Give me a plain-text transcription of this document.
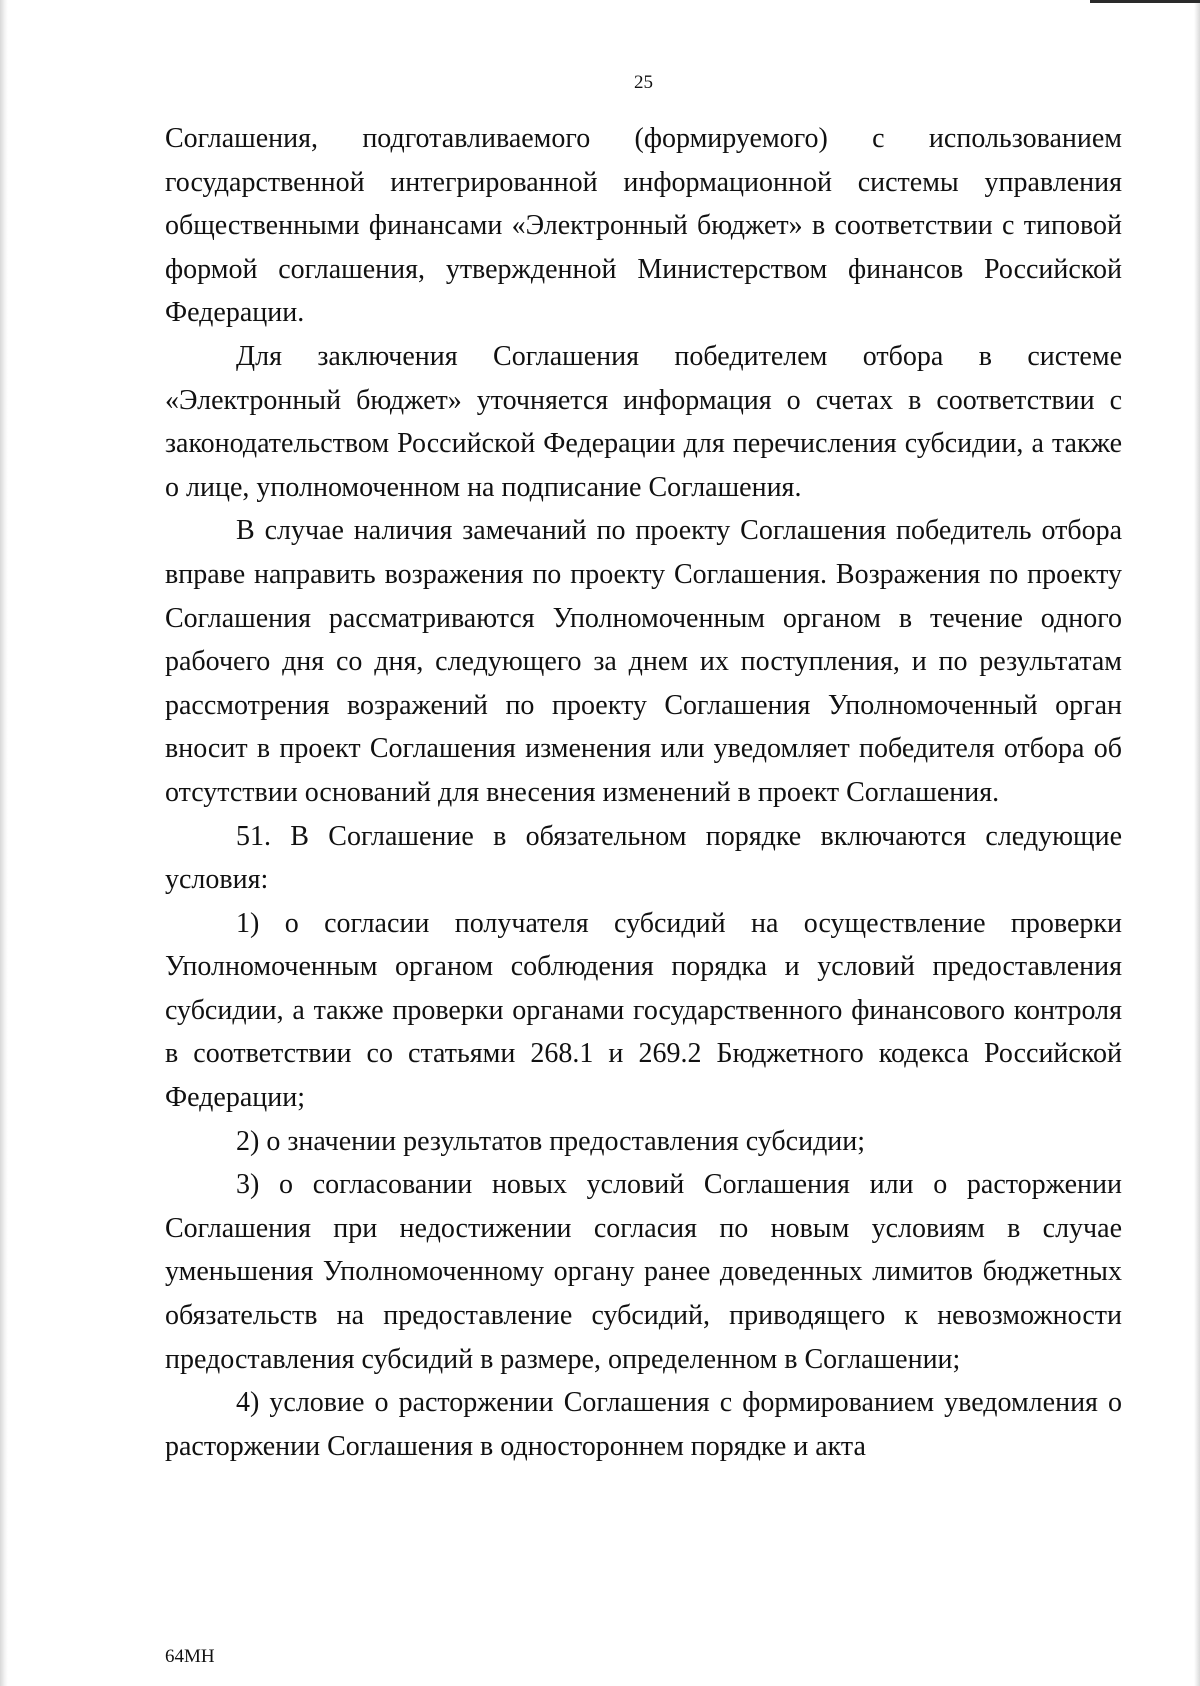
25

Соглашения, подготавливаемого (формируемого) с использованием государственной интегрированной информационной системы управления общественными финансами «Электронный бюджет» в соответствии с типовой формой соглашения, утвержденной Министерством финансов Российской Федерации.

Для заключения Соглашения победителем отбора в системе «Электронный бюджет» уточняется информация о счетах в соответствии с законодательством Российской Федерации для перечисления субсидии, а также о лице, уполномоченном на подписание Соглашения.

В случае наличия замечаний по проекту Соглашения победитель отбора вправе направить возражения по проекту Соглашения. Возражения по проекту Соглашения рассматриваются Уполномоченным органом в течение одного рабочего дня со дня, следующего за днем их поступления, и по результатам рассмотрения возражений по проекту Соглашения Уполномоченный орган вносит в проект Соглашения изменения или уведомляет победителя отбора об отсутствии оснований для внесения изменений в проект Соглашения.

51. В Соглашение в обязательном порядке включаются следующие условия:

1) о согласии получателя субсидий на осуществление проверки Уполномоченным органом соблюдения порядка и условий предоставления субсидии, а также проверки органами государственного финансового контроля в соответствии со статьями 268.1 и 269.2 Бюджетного кодекса Российской Федерации;

2) о значении результатов предоставления субсидии;

3) о согласовании новых условий Соглашения или о расторжении Соглашения при недостижении согласия по новым условиям в случае уменьшения Уполномоченному органу ранее доведенных лимитов бюджетных обязательств на предоставление субсидий, приводящего к невозможности предоставления субсидий в размере, определенном в Соглашении;

4) условие о расторжении Соглашения с формированием уведомления о расторжении Соглашения в одностороннем порядке и акта

64МН
